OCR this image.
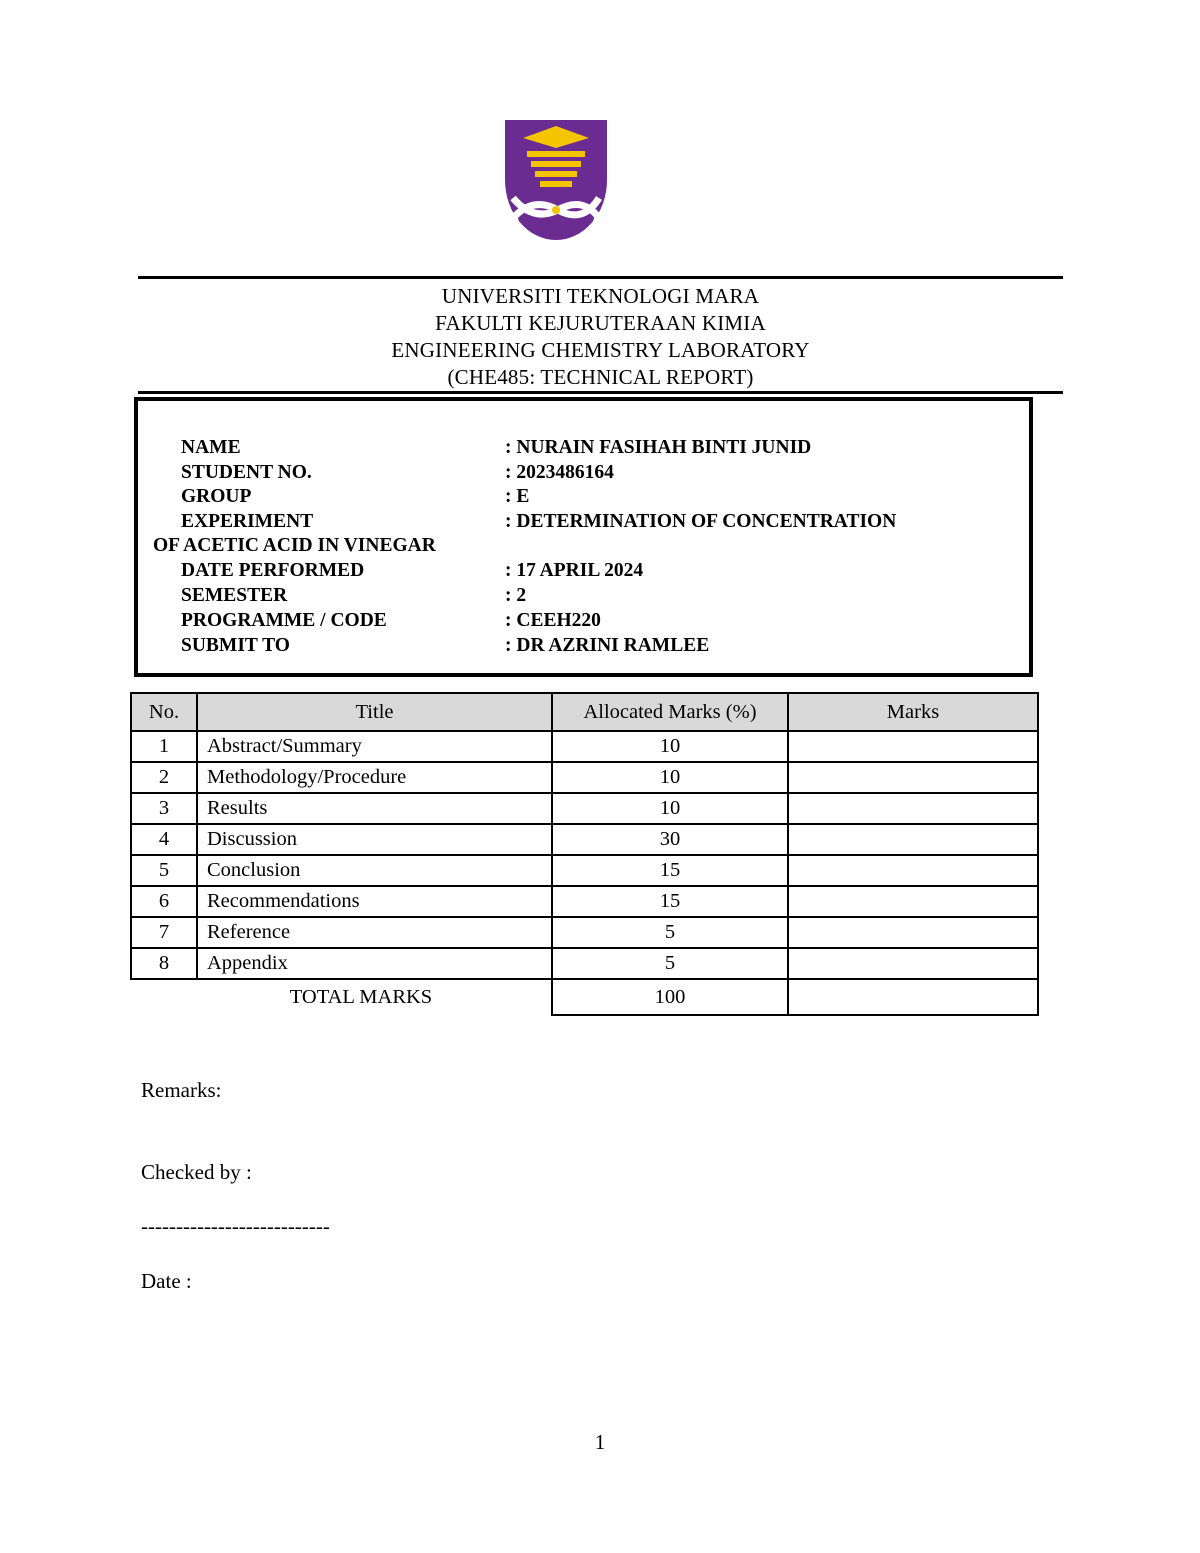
UNIVERSITI TEKNOLOGI MARA
FAKULTI KEJURUTERAAN KIMIA
ENGINEERING CHEMISTRY LABORATORY
(CHE485: TECHNICAL REPORT)
NAME	: NURAIN FASIHAH BINTI JUNID
STUDENT NO.	: 2023486164
GROUP	: E
EXPERIMENT	: DETERMINATION OF CONCENTRATION
OF ACETIC ACID IN VINEGAR
DATE PERFORMED	: 17 APRIL 2024
SEMESTER	: 2
PROGRAMME / CODE	: CEEH220
SUBMIT TO	: DR AZRINI RAMLEE
No.	Title	Allocated Marks (%)	Marks
1	Abstract/Summary	10	
2	Methodology/Procedure	10	
3	Results	10	
4	Discussion	30	
5	Conclusion	15	
6	Recommendations	15	
7	Reference	5	
8	Appendix	5	
TOTAL MARKS		100	
Remarks:
Checked by :
---------------------------
Date :
1
